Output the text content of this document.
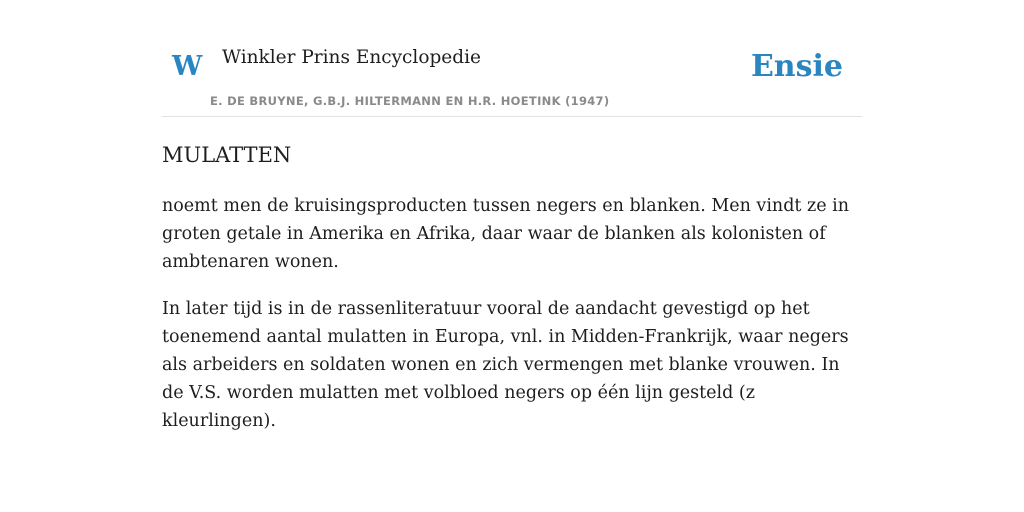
W Winkler Prins Encyclopedie
E. DE BRUYNE, G.B.J. HILTERMANN EN H.R. HOETINK (1947)
Ensie
MULATTEN

noemt men de kruisingsproducten tussen negers en blanken. Men vindt ze in groten getale in Amerika en Afrika, daar waar de blanken als kolonisten of ambtenaren wonen.

In later tijd is in de rassenliteratuur vooral de aandacht gevestigd op het toenemend aantal mulatten in Europa, vnl. in Midden-Frankrijk, waar negers als arbeiders en soldaten wonen en zich vermengen met blanke vrouwen. In de V.S. worden mulatten met volbloed negers op één lijn gesteld (z kleurlingen).
